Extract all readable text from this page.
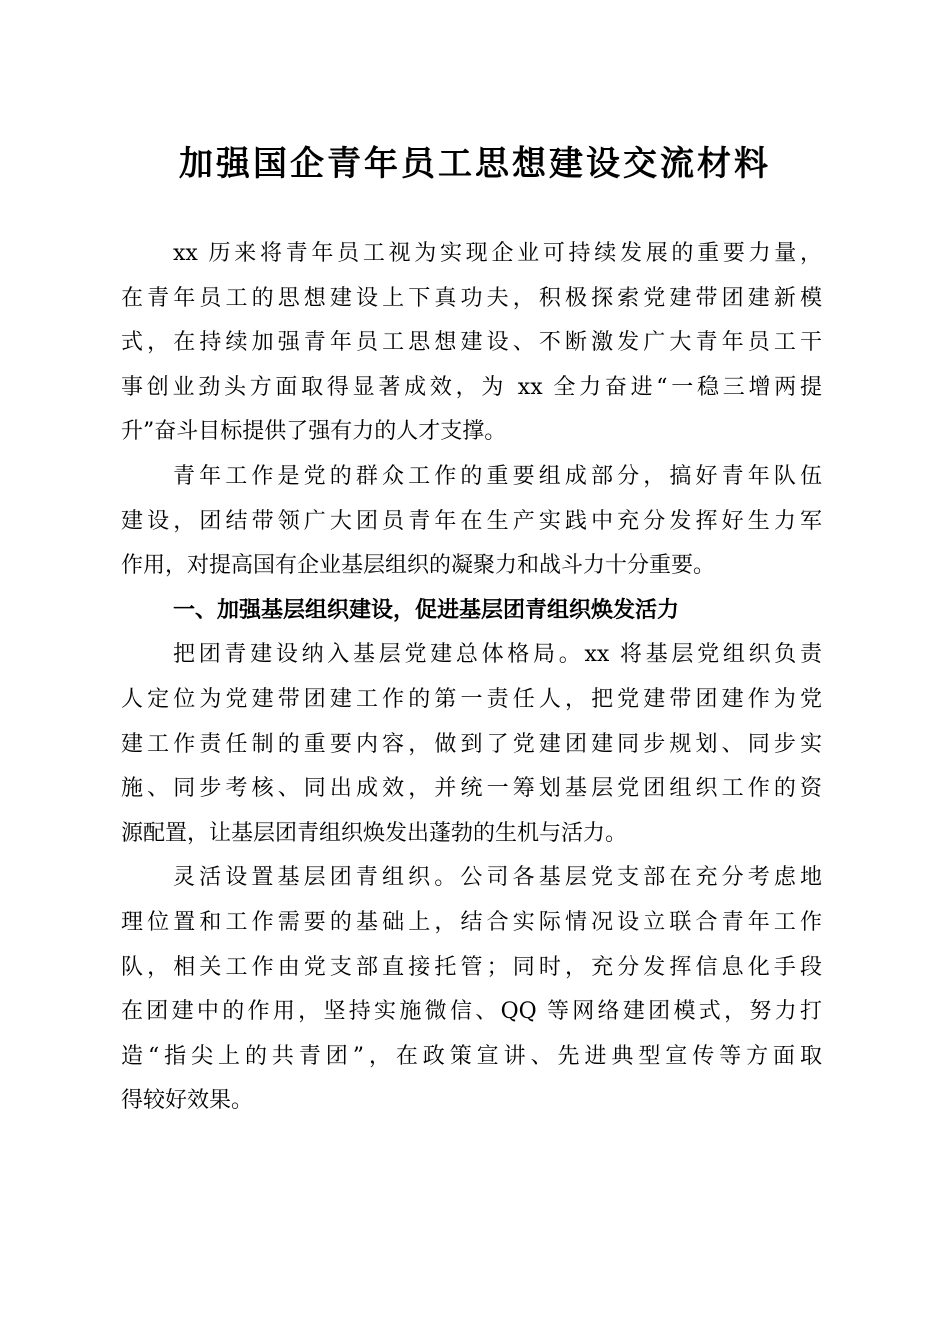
加强国企青年员工思想建设交流材料
xx 历来将青年员工视为实现企业可持续发展的重要力量，
在青年员工的思想建设上下真功夫，积极探索党建带团建新模
式，在持续加强青年员工思想建设、不断激发广大青年员工干
事创业劲头方面取得显著成效，为 xx 全力奋进“一稳三增两提
升”奋斗目标提供了强有力的人才支撑。
青年工作是党的群众工作的重要组成部分，搞好青年队伍
建设，团结带领广大团员青年在生产实践中充分发挥好生力军
作用，对提高国有企业基层组织的凝聚力和战斗力十分重要。
一、加强基层组织建设，促进基层团青组织焕发活力
把团青建设纳入基层党建总体格局。xx 将基层党组织负责
人定位为党建带团建工作的第一责任人，把党建带团建作为党
建工作责任制的重要内容，做到了党建团建同步规划、同步实
施、同步考核、同出成效，并统一筹划基层党团组织工作的资
源配置，让基层团青组织焕发出蓬勃的生机与活力。
灵活设置基层团青组织。公司各基层党支部在充分考虑地
理位置和工作需要的基础上，结合实际情况设立联合青年工作
队，相关工作由党支部直接托管；同时，充分发挥信息化手段
在团建中的作用，坚持实施微信、QQ 等网络建团模式，努力打
造“指尖上的共青团”，在政策宣讲、先进典型宣传等方面取
得较好效果。
